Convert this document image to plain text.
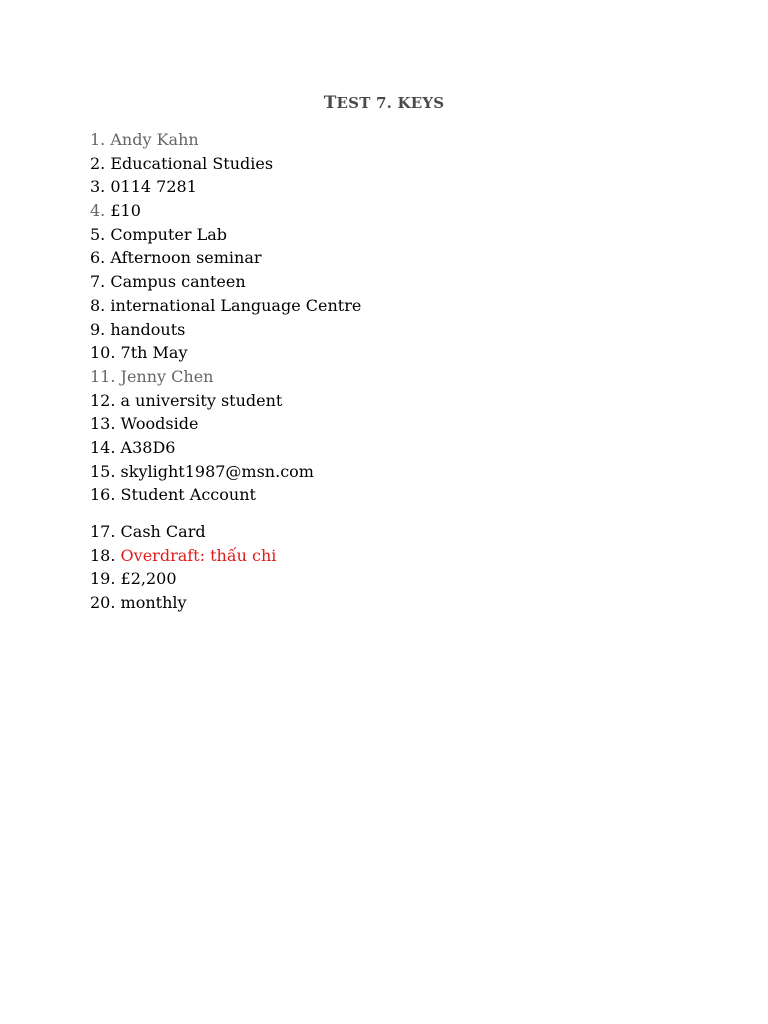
TEST 7. KEYS
1. Andy Kahn
2. Educational Studies
3. 0114 7281
4. £10
5. Computer Lab
6. Afternoon seminar
7. Campus canteen
8. international Language Centre
9. handouts
10. 7th May
11. Jenny Chen
12. a university student
13. Woodside
14. A38D6
15. skylight1987@msn.com
16. Student Account
17. Cash Card
18. Overdraft: thấu chi
19. £2,200
20. monthly
